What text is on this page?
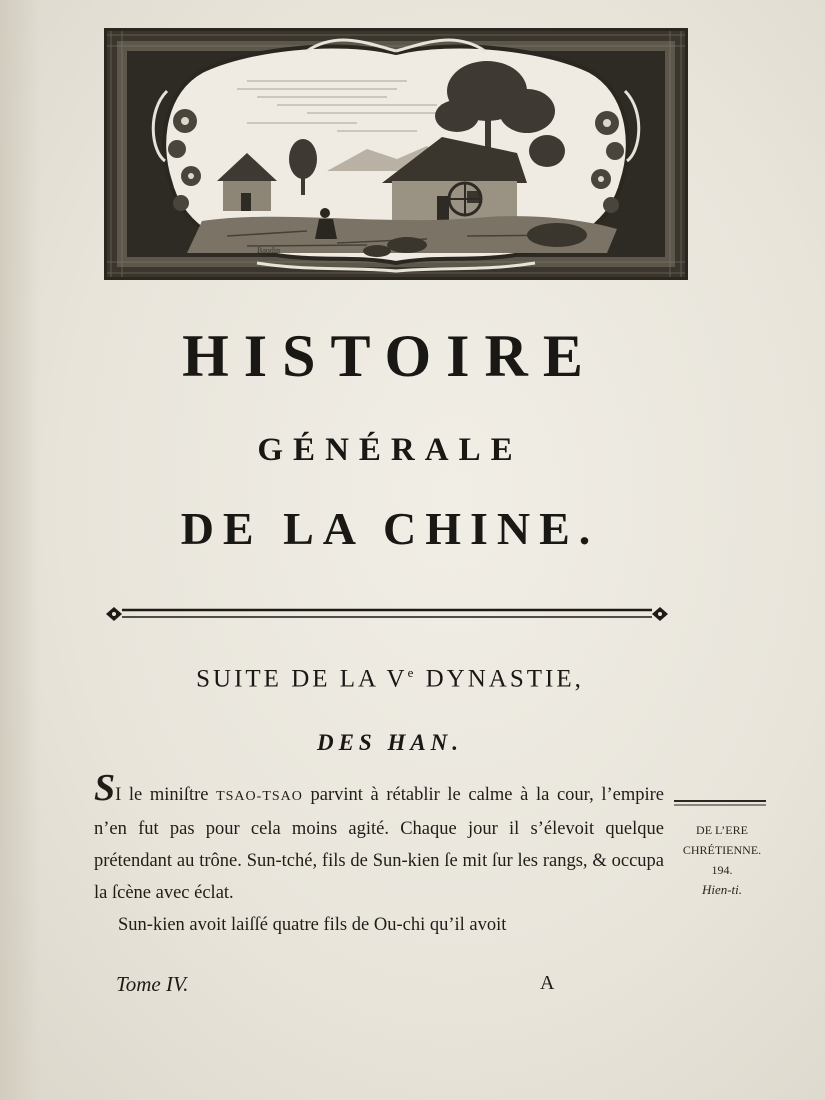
Baudin
HISTOIRE
GÉNÉRALE
DE LA CHINE.
SUITE DE LA Ve DYNASTIE,
DES HAN.

SI le miniſtre TSAO-TSAO parvint à rétablir le calme à la cour, l’empire n’en fut pas pour cela moins agité. Chaque jour il s’élevoit quelque prétendant au trône. Sun-tché, fils de Sun-kien ſe mit ſur les rangs, & occupa la ſcène avec éclat.

Sun-kien avoit laiſſé quatre fils de Ou-chi qu’il avoit

DE L’ERE
CHRÉTIENNE.
194.
Hien-ti.
Tome IV.	A
